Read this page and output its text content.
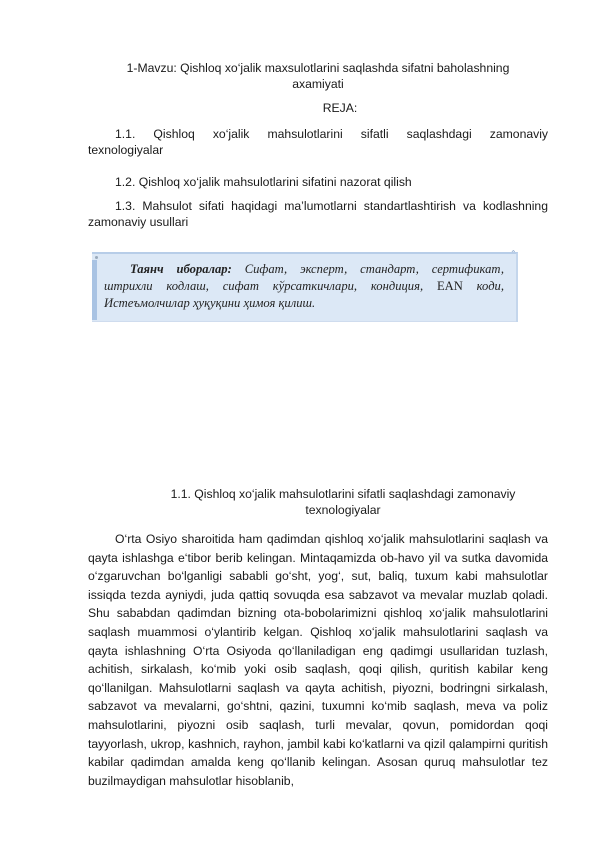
1-Mavzu: Qishloq xo‘jalik maxsulotlarini saqlashda sifatni baholashning
axamiyati
REJA:
1.1. Qishloq xo‘jalik mahsulotlarini sifatli saqlashdagi zamonaviy
texnologiyalar
1.2. Qishloq xo‘jalik mahsulotlarini sifatini nazorat qilish
1.3. Mahsulot sifati haqidagi ma’lumotlarni standartlashtirish va kodlashning zamonaviy usullari
⌃
Таянч иборалар: Сифат, эксперт, стандарт, сертификат, штрихли кодлаш, сифат кўрсаткичлари, кондиция, EAN коди, Истеъмолчилар ҳуқуқини ҳимоя қилиш.
1.1. Qishloq xo‘jalik mahsulotlarini sifatli saqlashdagi zamonaviy
texnologiyalar
O‘rta Osiyo sharoitida ham qadimdan qishloq xo‘jalik mahsulotlarini saqlash va qayta ishlashga e‘tibor berib kelingan. Mintaqamizda ob-havo yil va sutka davomida o‘zgaruvchan bo‘lganligi sababli go‘sht, yog‘, sut, baliq, tuxum kabi mahsulotlar issiqda tezda ayniydi, juda qattiq sovuqda esa sabzavot va mevalar muzlab qoladi. Shu sababdan qadimdan bizning ota-bobolarimizni qishloq xo‘jalik mahsulotlarini saqlash muammosi o‘ylantirib kelgan. Qishloq xo‘jalik mahsulotlarini saqlash va qayta ishlashning O‘rta Osiyoda qo‘llaniladigan eng qadimgi usullaridan tuzlash, achitish, sirkalash, ko‘mib yoki osib saqlash, qoqi qilish, quritish kabilar keng qo‘llanilgan. Mahsulotlarni saqlash va qayta achitish, piyozni, bodringni sirkalash, sabzavot va mevalarni, go‘shtni, qazini, tuxumni ko‘mib saqlash, meva va poliz mahsulotlarini, piyozni osib saqlash, turli mevalar, qovun, pomidordan qoqi tayyorlash, ukrop, kashnich, rayhon, jambil kabi ko‘katlarni va qizil qalampirni quritish kabilar qadimdan amalda keng qo‘llanib kelingan. Asosan quruq mahsulotlar tez buzilmaydigan mahsulotlar hisoblanib,
